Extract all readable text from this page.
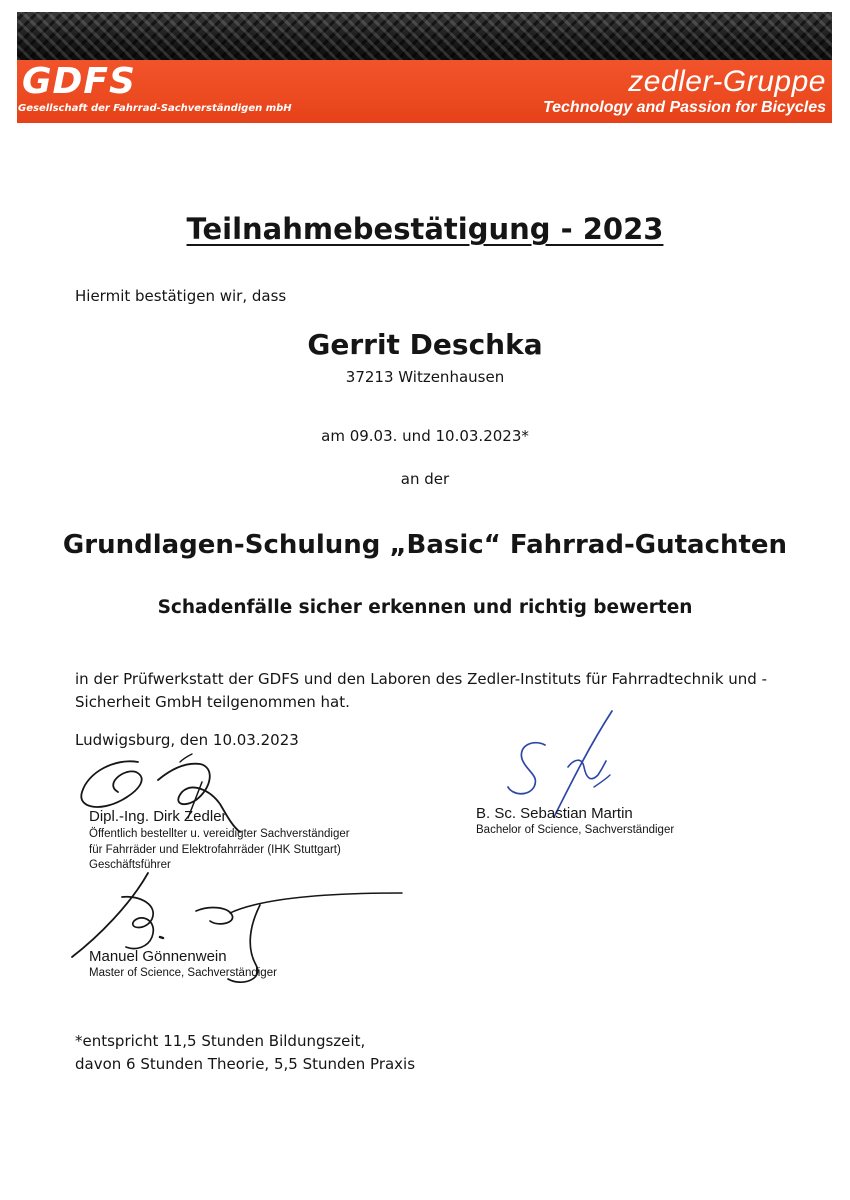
GDFS
Gesellschaft der Fahrrad-Sachverständigen mbH
zedler-Gruppe
Technology and Passion for Bicycles
Teilnahmebestätigung - 2023
Hiermit bestätigen wir, dass
Gerrit Deschka
37213 Witzenhausen
am 09.03. und 10.03.2023*
an der
Grundlagen-Schulung „Basic“ Fahrrad-Gutachten
Schadenfälle sicher erkennen und richtig bewerten
in der Prüfwerkstatt der GDFS und den Laboren des Zedler-Instituts für Fahrradtechnik und -
Sicherheit GmbH teilgenommen hat.
Ludwigsburg, den 10.03.2023
Dipl.-Ing. Dirk Zedler
Öffentlich bestellter u. vereidigter Sachverständiger
für Fahrräder und Elektrofahrräder (IHK Stuttgart)
Geschäftsführer
B. Sc. Sebastian Martin
Bachelor of Science, Sachverständiger
Manuel Gönnenwein
Master of Science, Sachverständiger
*entspricht 11,5 Stunden Bildungszeit,
davon 6 Stunden Theorie, 5,5 Stunden Praxis
